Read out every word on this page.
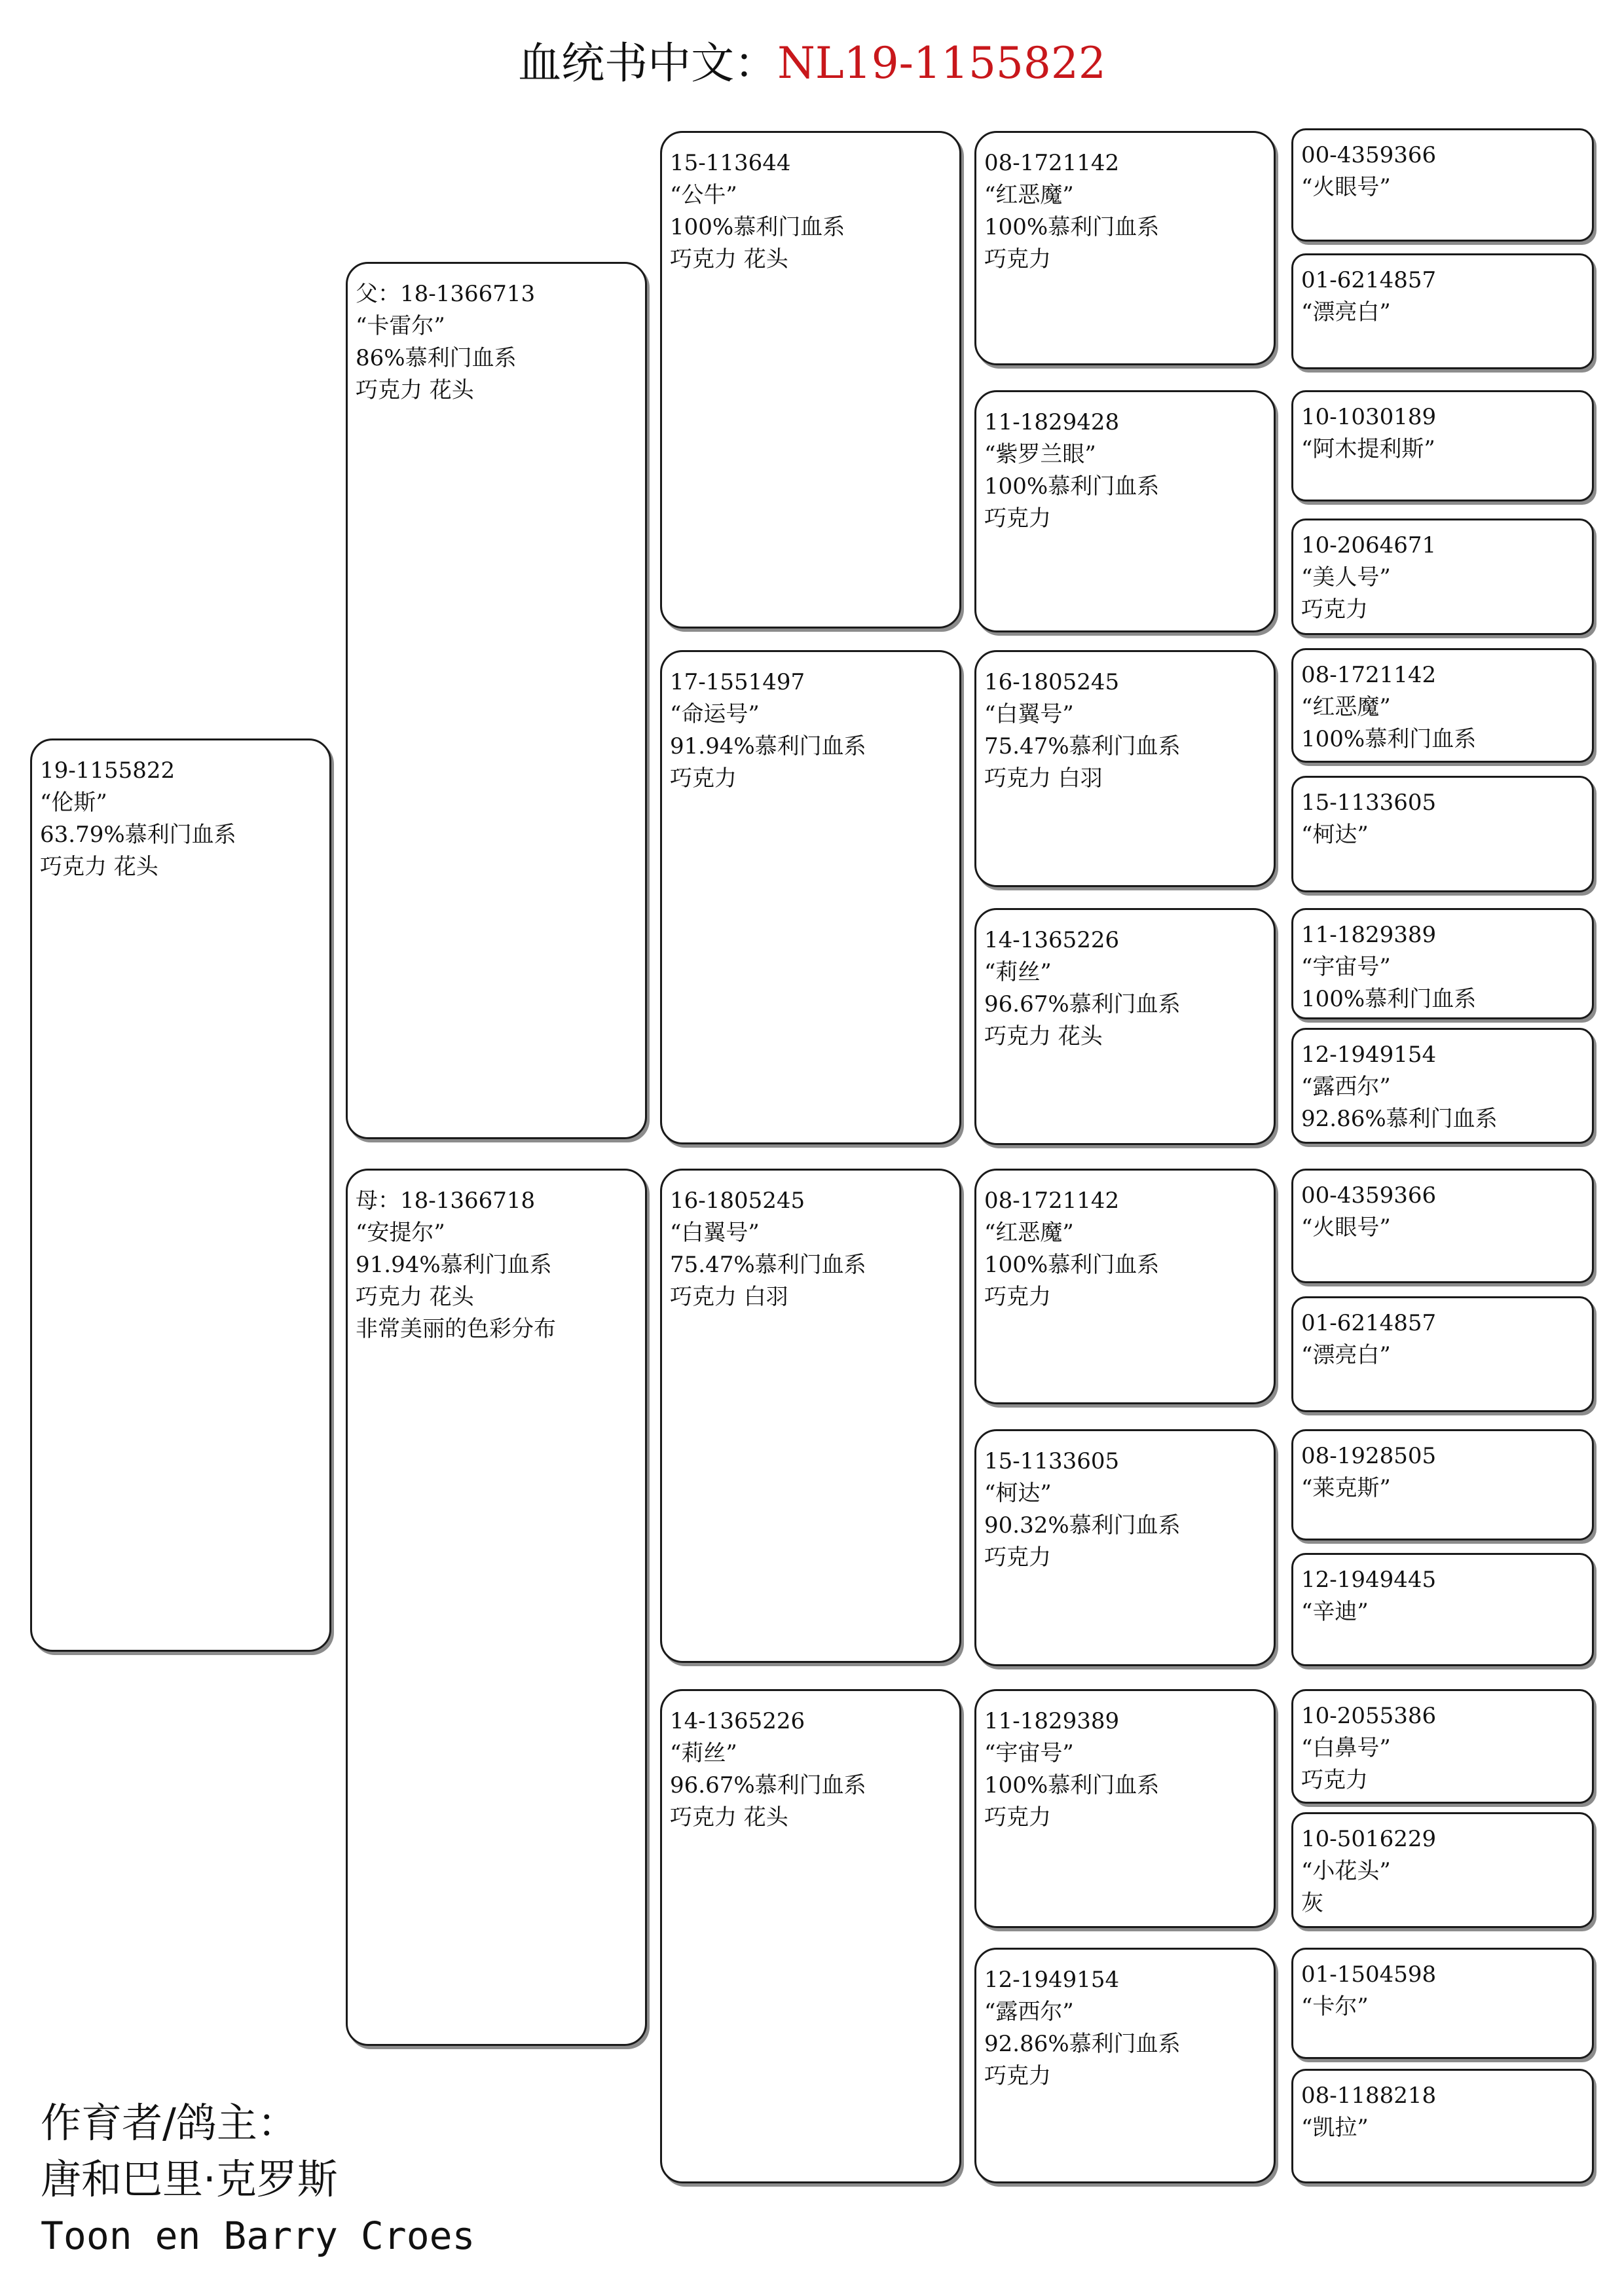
血统书中文：NL19-1155822
19-1155822
“伦斯”
63.79%慕利门血系
巧克力 花头
父：18-1366713
“卡雷尔”
86%慕利门血系
巧克力 花头
母：18-1366718
“安提尔”
91.94%慕利门血系
巧克力 花头
非常美丽的色彩分布
15-113644
“公牛”
100%慕利门血系
巧克力 花头
17-1551497
“命运号”
91.94%慕利门血系
巧克力
16-1805245
“白翼号”
75.47%慕利门血系
巧克力 白羽
14-1365226
“莉丝”
96.67%慕利门血系
巧克力 花头
08-1721142
“红恶魔”
100%慕利门血系
巧克力
11-1829428
“紫罗兰眼”
100%慕利门血系
巧克力
16-1805245
“白翼号”
75.47%慕利门血系
巧克力 白羽
14-1365226
“莉丝”
96.67%慕利门血系
巧克力 花头
08-1721142
“红恶魔”
100%慕利门血系
巧克力
15-1133605
“柯达”
90.32%慕利门血系
巧克力
11-1829389
“宇宙号”
100%慕利门血系
巧克力
12-1949154
“露西尔”
92.86%慕利门血系
巧克力
00-4359366
“火眼号”
01-6214857
“漂亮白”
10-1030189
“阿木提利斯”
10-2064671
“美人号”
巧克力
08-1721142
“红恶魔”
100%慕利门血系
15-1133605
“柯达”
11-1829389
“宇宙号”
100%慕利门血系
12-1949154
“露西尔”
92.86%慕利门血系
00-4359366
“火眼号”
01-6214857
“漂亮白”
08-1928505
“莱克斯”
12-1949445
“辛迪”
10-2055386
“白鼻号”
巧克力
10-5016229
“小花头”
灰
01-1504598
“卡尔”
08-1188218
“凯拉”
作育者/鸽主：
唐和巴里·克罗斯
Toon en Barry Croes
